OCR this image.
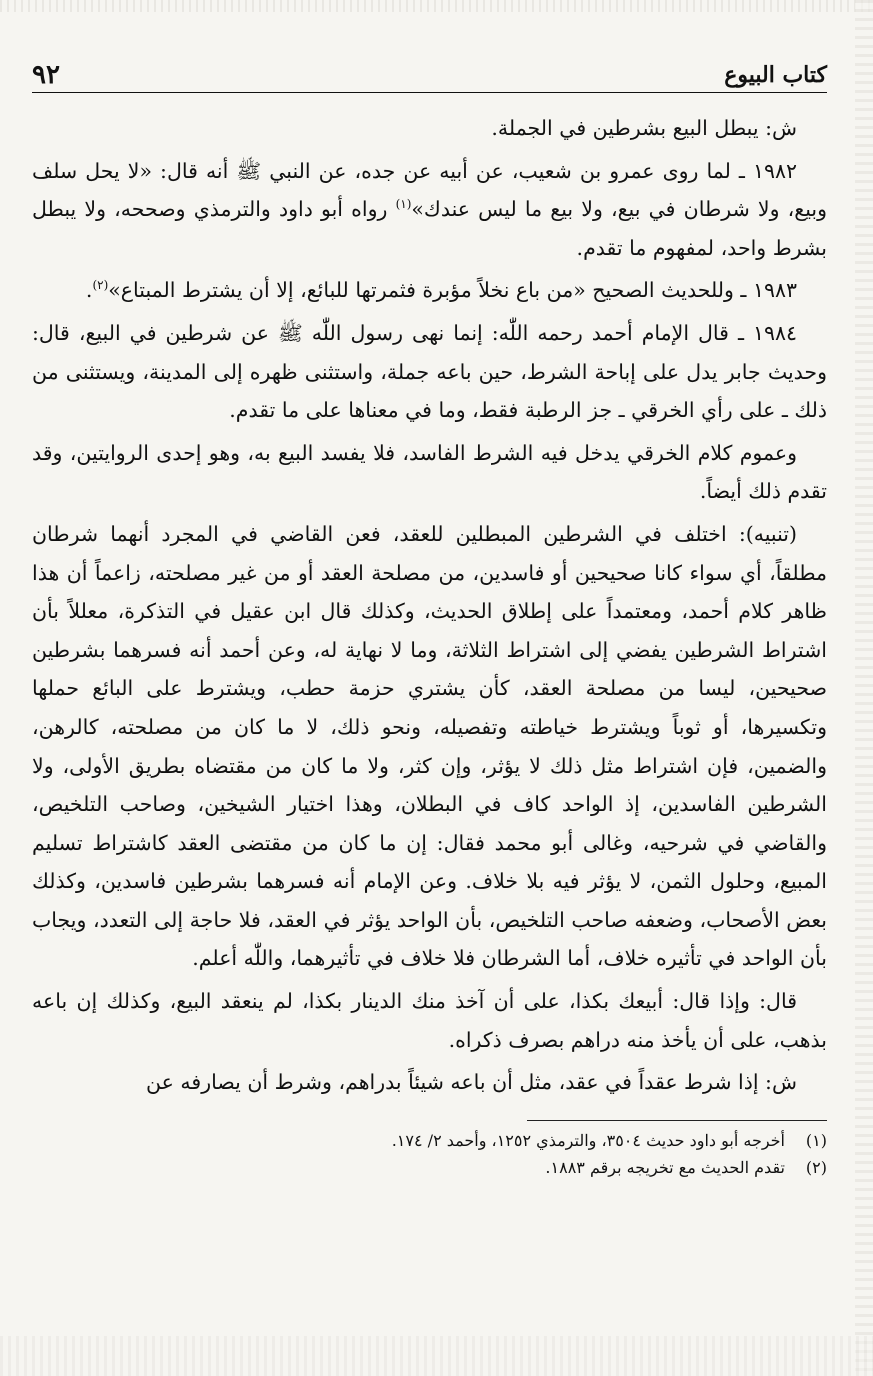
كتاب البيوع
٩٢

ش: يبطل البيع بشرطين في الجملة.

١٩٨٢ ـ لما روى عمرو بن شعيب، عن أبيه عن جده، عن النبي ﷺ أنه قال: «لا يحل سلف وبيع، ولا شرطان في بيع، ولا بيع ما ليس عندك»$^{(١)}$ رواه أبو داود والترمذي وصححه، ولا يبطل بشرط واحد، لمفهوم ما تقدم.

١٩٨٣ ـ وللحديث الصحيح «من باع نخلاً مؤبرة فثمرتها للبائع، إلا أن يشترط المبتاع»$^{(٢)}$.

١٩٨٤ ـ قال الإمام أحمد رحمه اللّٰه: إنما نهى رسول اللّٰه ﷺ عن شرطين في البيع، قال: وحديث جابر يدل على إباحة الشرط، حين باعه جملة، واستثنى ظهره إلى المدينة، ويستثنى من ذلك ـ على رأي الخرقي ـ جز الرطبة فقط، وما في معناها على ما تقدم.

وعموم كلام الخرقي يدخل فيه الشرط الفاسد، فلا يفسد البيع به، وهو إحدى الروايتين، وقد تقدم ذلك أيضاً.

(تنبيه): اختلف في الشرطين المبطلين للعقد، فعن القاضي في المجرد أنهما شرطان مطلقاً، أي سواء كانا صحيحين أو فاسدين، من مصلحة العقد أو من غير مصلحته، زاعماً أن هذا ظاهر كلام أحمد، ومعتمداً على إطلاق الحديث، وكذلك قال ابن عقيل في التذكرة، معللاً بأن اشتراط الشرطين يفضي إلى اشتراط الثلاثة، وما لا نهاية له، وعن أحمد أنه فسرهما بشرطين صحيحين، ليسا من مصلحة العقد، كأن يشتري حزمة حطب، ويشترط على البائع حملها وتكسيرها، أو ثوباً ويشترط خياطته وتفصيله، ونحو ذلك، لا ما كان من مصلحته، كالرهن، والضمين، فإن اشتراط مثل ذلك لا يؤثر، وإن كثر، ولا ما كان من مقتضاه بطريق الأولى، ولا الشرطين الفاسدين، إذ الواحد كاف في البطلان، وهذا اختيار الشيخين، وصاحب التلخيص، والقاضي في شرحيه، وغالى أبو محمد فقال: إن ما كان من مقتضى العقد كاشتراط تسليم المبيع، وحلول الثمن، لا يؤثر فيه بلا خلاف. وعن الإمام أنه فسرهما بشرطين فاسدين، وكذلك بعض الأصحاب، وضعفه صاحب التلخيص، بأن الواحد يؤثر في العقد، فلا حاجة إلى التعدد، ويجاب بأن الواحد في تأثيره خلاف، أما الشرطان فلا خلاف في تأثيرهما، واللّٰه أعلم.

قال: وإذا قال: أبيعك بكذا، على أن آخذ منك الدينار بكذا، لم ينعقد البيع، وكذلك إن باعه بذهب، على أن يأخذ منه دراهم بصرف ذكراه.

ش: إذا شرط عقداً في عقد، مثل أن باعه شيئاً بدراهم، وشرط أن يصارفه عن

(١)
أخرجه أبو داود حديث ٣٥٠٤، والترمذي ١٢٥٢، وأحمد ٢/ ١٧٤.
(٢)
تقدم الحديث مع تخريجه برقم ١٨٨٣.
